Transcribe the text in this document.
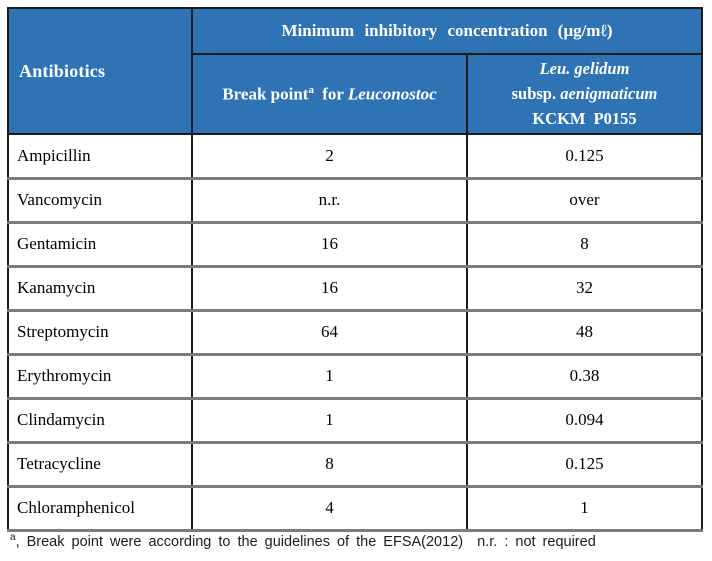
Antibiotics	Minimum inhibitory concentration (μg/mℓ)	
	Break point$^a$ for Leuconostoc	Leu. gelidum
subsp. aenigmaticum
KCKM P0155

Ampicillin	2	0.125
Vancomycin	n.r.	over
Gentamicin	16	8
Kanamycin	16	32
Streptomycin	64	48
Erythromycin	1	0.38
Clindamycin	1	0.094
Tetracycline	8	0.125
Chloramphenicol	4	1
$^a$, Break point were according to the guidelines of the EFSA(2012)  n.r. : not required
